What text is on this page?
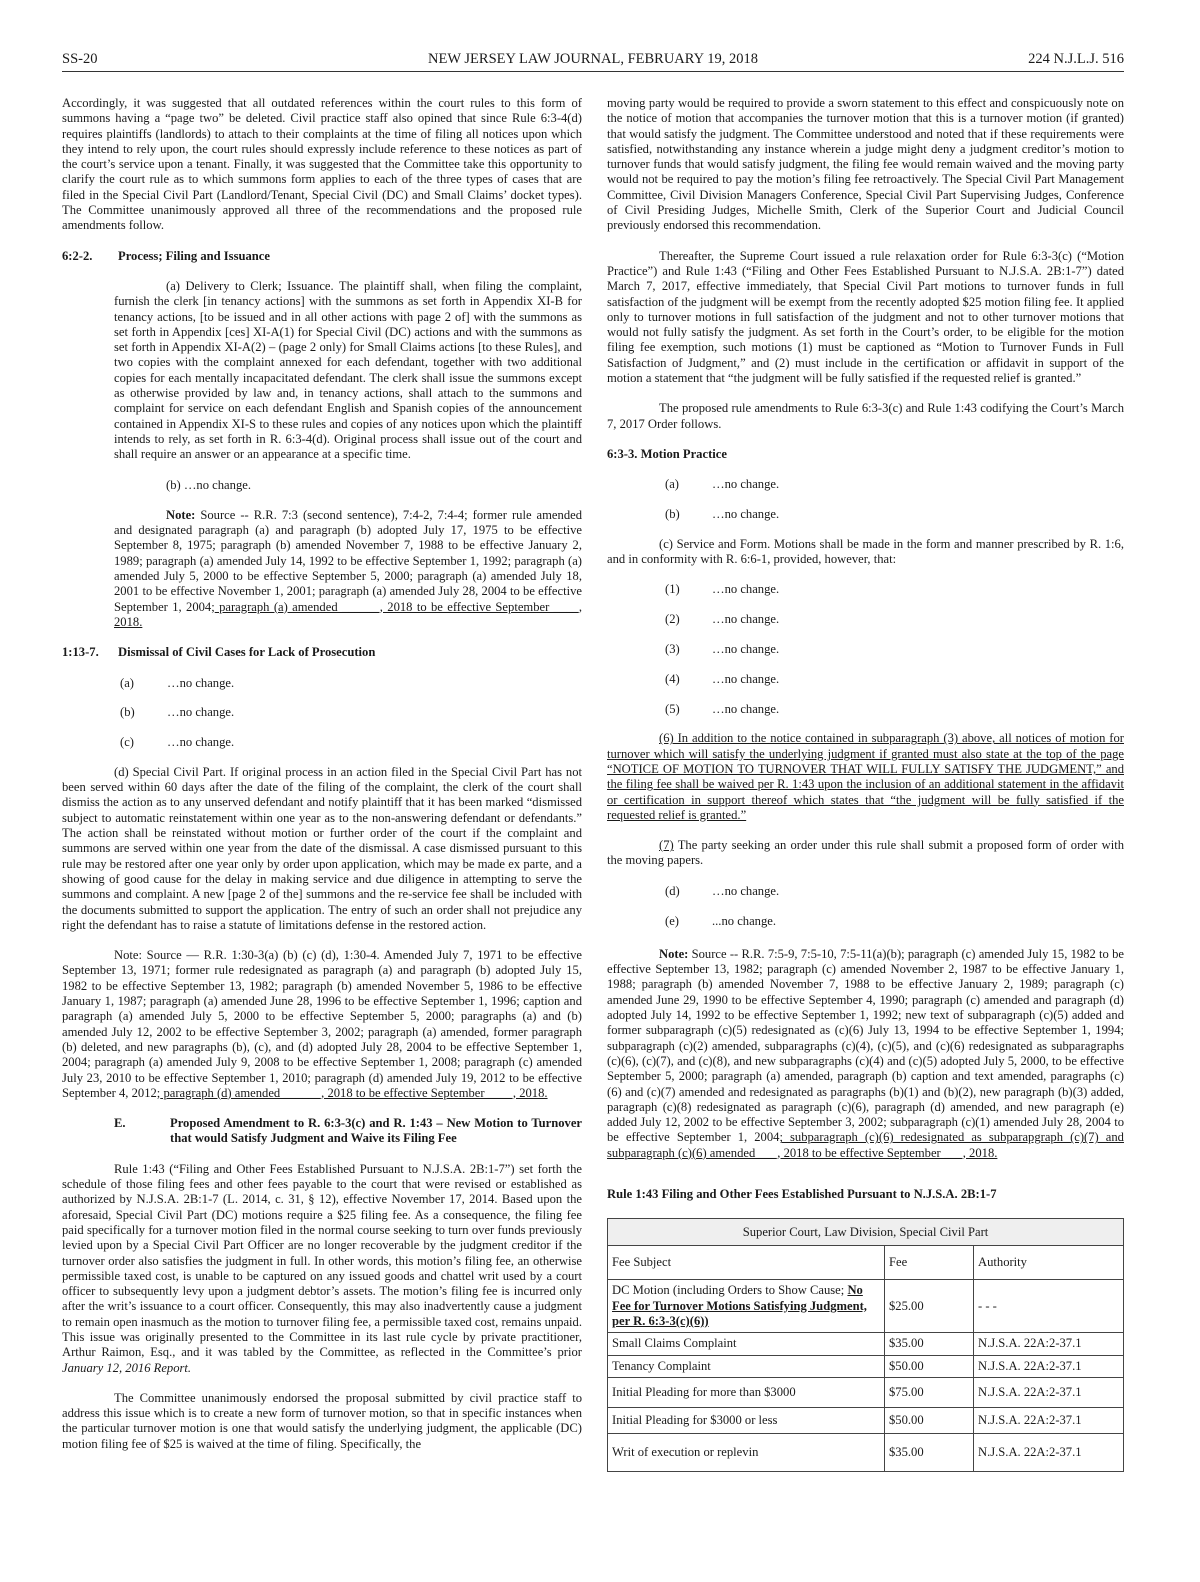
SS-20	NEW JERSEY LAW JOURNAL, FEBRUARY 19, 2018	224 N.J.L.J. 516

Accordingly, it was suggested that all outdated references within the court rules to this form of summons having a “page two” be deleted. Civil practice staff also opined that since Rule 6:3-4(d) requires plaintiffs (landlords) to attach to their complaints at the time of filing all notices upon which they intend to rely upon, the court rules should expressly include reference to these notices as part of the court’s service upon a tenant. Finally, it was suggested that the Committee take this opportunity to clarify the court rule as to which summons form applies to each of the three types of cases that are filed in the Special Civil Part (Landlord/Tenant, Special Civil (DC) and Small Claims’ docket types). The Committee unanimously approved all three of the recommendations and the proposed rule amendments follow.

6:2-2. Process; Filing and Issuance

(a) Delivery to Clerk; Issuance. The plaintiff shall, when filing the complaint, furnish the clerk [in tenancy actions] with the summons as set forth in Appendix XI-B for tenancy actions, [to be issued and in all other actions with page 2 of] with the summons as set forth in Appendix [ces] XI-A(1) for Special Civil (DC) actions and with the summons as set forth in Appendix XI-A(2) – (page 2 only) for Small Claims actions [to these Rules], and two copies with the complaint annexed for each defendant, together with two additional copies for each mentally incapacitated defendant. The clerk shall issue the summons except as otherwise provided by law and, in tenancy actions, shall attach to the summons and complaint for service on each defendant English and Spanish copies of the announcement contained in Appendix XI-S to these rules and copies of any notices upon which the plaintiff intends to rely, as set forth in R. 6:3-4(d). Original process shall issue out of the court and shall require an answer or an appearance at a specific time.

(b) …no change.

Note: Source -- R.R. 7:3 (second sentence), 7:4-2, 7:4-4; former rule amended and designated paragraph (a) and paragraph (b) adopted July 17, 1975 to be effective September 8, 1975; paragraph (b) amended November 7, 1988 to be effective January 2, 1989; paragraph (a) amended July 14, 1992 to be effective September 1, 1992; paragraph (a) amended July 5, 2000 to be effective September 5, 2000; paragraph (a) amended July 18, 2001 to be effective November 1, 2001; paragraph (a) amended July 28, 2004 to be effective September 1, 2004; paragraph (a) amended ______, 2018 to be effective September ____, 2018.

1:13-7. Dismissal of Civil Cases for Lack of Prosecution
(a)	…no change.
(b)	…no change.
(c)	…no change.

(d) Special Civil Part. If original process in an action filed in the Special Civil Part has not been served within 60 days after the date of the filing of the complaint, the clerk of the court shall dismiss the action as to any unserved defendant and notify plaintiff that it has been marked “dismissed subject to automatic reinstatement within one year as to the non-answering defendant or defendants.” The action shall be reinstated without motion or further order of the court if the complaint and summons are served within one year from the date of the dismissal. A case dismissed pursuant to this rule may be restored after one year only by order upon application, which may be made ex parte, and a showing of good cause for the delay in making service and due diligence in attempting to serve the summons and complaint. A new [page 2 of the] summons and the re-service fee shall be included with the documents submitted to support the application. The entry of such an order shall not prejudice any right the defendant has to raise a statute of limitations defense in the restored action.

Note: Source — R.R. 1:30-3(a) (b) (c) (d), 1:30-4. Amended July 7, 1971 to be effective September 13, 1971; former rule redesignated as paragraph (a) and paragraph (b) adopted July 15, 1982 to be effective September 13, 1982; paragraph (b) amended November 5, 1986 to be effective January 1, 1987; paragraph (a) amended June 28, 1996 to be effective September 1, 1996; caption and paragraph (a) amended July 5, 2000 to be effective September 5, 2000; paragraphs (a) and (b) amended July 12, 2002 to be effective September 3, 2002; paragraph (a) amended, former paragraph (b) deleted, and new paragraphs (b), (c), and (d) adopted July 28, 2004 to be effective September 1, 2004; paragraph (a) amended July 9, 2008 to be effective September 1, 2008; paragraph (c) amended July 23, 2010 to be effective September 1, 2010; paragraph (d) amended July 19, 2012 to be effective September 4, 2012; paragraph (d) amended ______, 2018 to be effective September ____, 2018.

E.	Proposed Amendment to R. 6:3-3(c) and R. 1:43 – New Motion to Turnover that would Satisfy Judgment and Waive its Filing Fee

Rule 1:43 (“Filing and Other Fees Established Pursuant to N.J.S.A. 2B:1-7”) set forth the schedule of those filing fees and other fees payable to the court that were revised or established as authorized by N.J.S.A. 2B:1-7 (L. 2014, c. 31, § 12), effective November 17, 2014. Based upon the aforesaid, Special Civil Part (DC) motions require a $25 filing fee. As a consequence, the filing fee paid specifically for a turnover motion filed in the normal course seeking to turn over funds previously levied upon by a Special Civil Part Officer are no longer recoverable by the judgment creditor if the turnover order also satisfies the judgment in full. In other words, this motion’s filing fee, an otherwise permissible taxed cost, is unable to be captured on any issued goods and chattel writ used by a court officer to subsequently levy upon a judgment debtor’s assets. The motion’s filing fee is incurred only after the writ’s issuance to a court officer. Consequently, this may also inadvertently cause a judgment to remain open inasmuch as the motion to turnover filing fee, a permissible taxed cost, remains unpaid. This issue was originally presented to the Committee in its last rule cycle by private practitioner, Arthur Raimon, Esq., and it was tabled by the Committee, as reflected in the Committee’s prior January 12, 2016 Report.

The Committee unanimously endorsed the proposal submitted by civil practice staff to address this issue which is to create a new form of turnover motion, so that in specific instances when the particular turnover motion is one that would satisfy the underlying judgment, the applicable (DC) motion filing fee of $25 is waived at the time of filing. Specifically, the

moving party would be required to provide a sworn statement to this effect and conspicuously note on the notice of motion that accompanies the turnover motion that this is a turnover motion (if granted) that would satisfy the judgment. The Committee understood and noted that if these requirements were satisfied, notwithstanding any instance wherein a judge might deny a judgment creditor’s motion to turnover funds that would satisfy judgment, the filing fee would remain waived and the moving party would not be required to pay the motion’s filing fee retroactively. The Special Civil Part Management Committee, Civil Division Managers Conference, Special Civil Part Supervising Judges, Conference of Civil Presiding Judges, Michelle Smith, Clerk of the Superior Court and Judicial Council previously endorsed this recommendation.

Thereafter, the Supreme Court issued a rule relaxation order for Rule 6:3-3(c) (“Motion Practice”) and Rule 1:43 (“Filing and Other Fees Established Pursuant to N.J.S.A. 2B:1-7”) dated March 7, 2017, effective immediately, that Special Civil Part motions to turnover funds in full satisfaction of the judgment will be exempt from the recently adopted $25 motion filing fee. It applied only to turnover motions in full satisfaction of the judgment and not to other turnover motions that would not fully satisfy the judgment. As set forth in the Court’s order, to be eligible for the motion filing fee exemption, such motions (1) must be captioned as “Motion to Turnover Funds in Full Satisfaction of Judgment,” and (2) must include in the certification or affidavit in support of the motion a statement that “the judgment will be fully satisfied if the requested relief is granted.”

The proposed rule amendments to Rule 6:3-3(c) and Rule 1:43 codifying the Court’s March 7, 2017 Order follows.

6:3-3. Motion Practice
(a)	…no change.
(b)	…no change.

(c) Service and Form. Motions shall be made in the form and manner prescribed by R. 1:6, and in conformity with R. 6:6-1, provided, however, that:

(1)	…no change.
(2)	…no change.
(3)	…no change.
(4)	…no change.
(5)	…no change.

(6) In addition to the notice contained in subparagraph (3) above, all notices of motion for turnover which will satisfy the underlying judgment if granted must also state at the top of the page “NOTICE OF MOTION TO TURNOVER THAT WILL FULLY SATISFY THE JUDGMENT,” and the filing fee shall be waived per R. 1:43 upon the inclusion of an additional statement in the affidavit or certification in support thereof which states that “the judgment will be fully satisfied if the requested relief is granted.”

(7) The party seeking an order under this rule shall submit a proposed form of order with the moving papers.

(d)	…no change.
(e)	...no change.

Note: Source -- R.R. 7:5-9, 7:5-10, 7:5-11(a)(b); paragraph (c) amended July 15, 1982 to be effective September 13, 1982; paragraph (c) amended November 2, 1987 to be effective January 1, 1988; paragraph (b) amended November 7, 1988 to be effective January 2, 1989; paragraph (c) amended June 29, 1990 to be effective September 4, 1990; paragraph (c) amended and paragraph (d) adopted July 14, 1992 to be effective September 1, 1992; new text of subparagraph (c)(5) added and former subparagraph (c)(5) redesignated as (c)(6) July 13, 1994 to be effective September 1, 1994; subparagraph (c)(2) amended, subparagraphs (c)(4), (c)(5), and (c)(6) redesignated as subparagraphs (c)(6), (c)(7), and (c)(8), and new subparagraphs (c)(4) and (c)(5) adopted July 5, 2000, to be effective September 5, 2000; paragraph (a) amended, paragraph (b) caption and text amended, paragraphs (c)(6) and (c)(7) amended and redesignated as paragraphs (b)(1) and (b)(2), new paragraph (b)(3) added, paragraph (c)(8) redesignated as paragraph (c)(6), paragraph (d) amended, and new paragraph (e) added July 12, 2002 to be effective September 3, 2002; subparagraph (c)(1) amended July 28, 2004 to be effective September 1, 2004; subparagraph (c)(6) redesignated as subparapgraph (c)(7) and subparagraph (c)(6) amended ___, 2018 to be effective September ___, 2018.

Rule 1:43 Filing and Other Fees Established Pursuant to N.J.S.A. 2B:1-7
Superior Court, Law Division, Special Civil Part		
Fee Subject	Fee	Authority
DC Motion (including Orders to Show Cause; No Fee for Turnover Motions Satisfying Judgment, per R. 6:3-3(c)(6))	$25.00	- - -
Small Claims Complaint	$35.00	N.J.S.A. 22A:2-37.1
Tenancy Complaint	$50.00	N.J.S.A. 22A:2-37.1
Initial Pleading for more than $3000	$75.00	N.J.S.A. 22A:2-37.1
Initial Pleading for $3000 or less	$50.00	N.J.S.A. 22A:2-37.1
Writ of execution or replevin	$35.00	N.J.S.A. 22A:2-37.1
